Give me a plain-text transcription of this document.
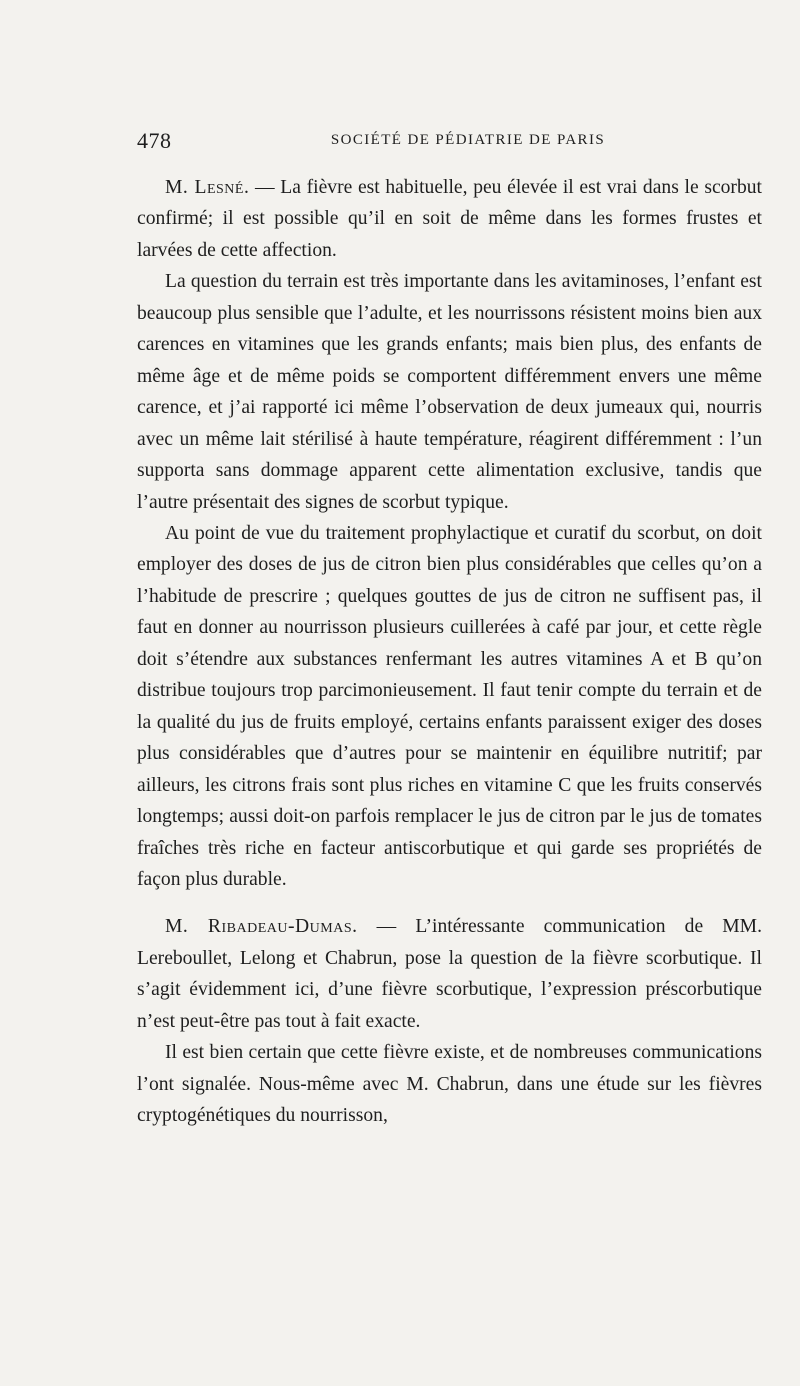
478	SOCIÉTÉ DE PÉDIATRIE DE PARIS

M. Lesné. — La fièvre est habituelle, peu élevée il est vrai dans le scorbut confirmé; il est possible qu’il en soit de même dans les formes frustes et larvées de cette affection.

La question du terrain est très importante dans les avitaminoses, l’enfant est beaucoup plus sensible que l’adulte, et les nourrissons résistent moins bien aux carences en vitamines que les grands enfants; mais bien plus, des enfants de même âge et de même poids se comportent différemment envers une même carence, et j’ai rapporté ici même l’observation de deux jumeaux qui, nourris avec un même lait stérilisé à haute température, réagirent différemment : l’un supporta sans dommage apparent cette alimentation exclusive, tandis que l’autre présentait des signes de scorbut typique.

Au point de vue du traitement prophylactique et curatif du scorbut, on doit employer des doses de jus de citron bien plus considérables que celles qu’on a l’habitude de prescrire ; quelques gouttes de jus de citron ne suffisent pas, il faut en donner au nourrisson plusieurs cuillerées à café par jour, et cette règle doit s’étendre aux substances renfermant les autres vitamines A et B qu’on distribue toujours trop parcimonieusement. Il faut tenir compte du terrain et de la qualité du jus de fruits employé, certains enfants paraissent exiger des doses plus considérables que d’autres pour se maintenir en équilibre nutritif; par ailleurs, les citrons frais sont plus riches en vitamine C que les fruits conservés longtemps; aussi doit-on parfois remplacer le jus de citron par le jus de tomates fraîches très riche en facteur antiscorbutique et qui garde ses propriétés de façon plus durable.

M. Ribadeau-Dumas. — L’intéressante communication de MM. Lereboullet, Lelong et Chabrun, pose la question de la fièvre scorbutique. Il s’agit évidemment ici, d’une fièvre scorbutique, l’expression préscorbutique n’est peut-être pas tout à fait exacte.

Il est bien certain que cette fièvre existe, et de nombreuses communications l’ont signalée. Nous-même avec M. Chabrun, dans une étude sur les fièvres cryptogénétiques du nourrisson,
